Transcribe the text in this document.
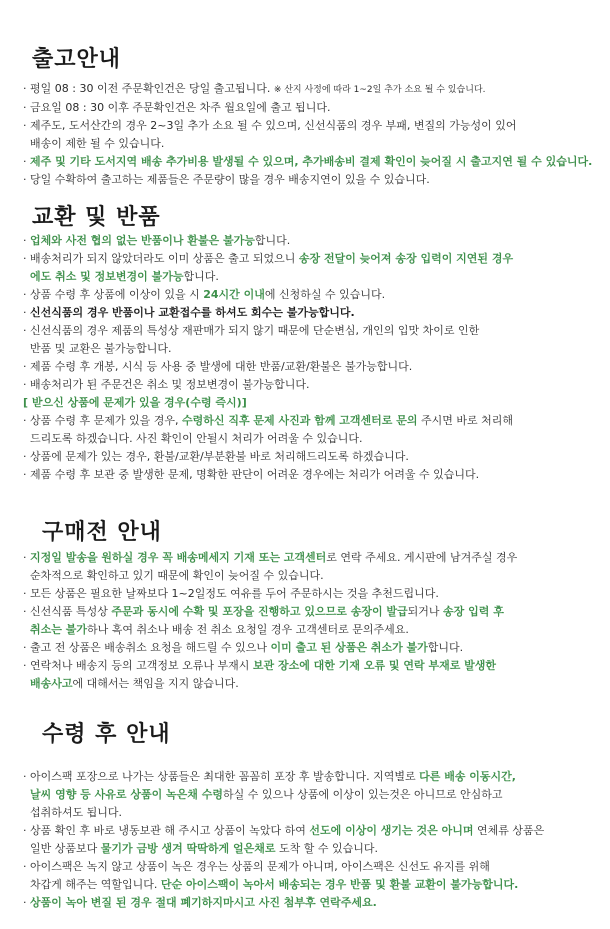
출고안내
· 평일 08 : 30 이전 주문확인건은 당일 출고됩니다. ※ 산지 사정에 따라 1~2일 추가 소요 될 수 있습니다.
· 금요일 08 : 30 이후 주문확인건은 차주 월요일에 출고 됩니다.
· 제주도, 도서산간의 경우 2~3일 추가 소요 될 수 있으며, 신선식품의 경우 부패, 변질의 가능성이 있어
배송이 제한 될 수 있습니다.
· 제주 및 기타 도서지역 배송 추가비용 발생될 수 있으며, 추가배송비 결제 확인이 늦어질 시 출고지연 될 수 있습니다.
· 당일 수확하여 출고하는 제품들은 주문량이 많을 경우 배송지연이 있을 수 있습니다.
교환 및 반품
· 업체와 사전 협의 없는 반품이나 환불은 불가능합니다.
· 배송처리가 되지 않았더라도 이미 상품은 출고 되었으니 송장 전달이 늦어져 송장 입력이 지연된 경우
에도 취소 및 정보변경이 불가능합니다.
· 상품 수령 후 상품에 이상이 있을 시 24시간 이내에 신청하실 수 있습니다.
· 신선식품의 경우 반품이나 교환접수를 하셔도 회수는 불가능합니다.
· 신선식품의 경우 제품의 특성상 재판매가 되지 않기 때문에 단순변심, 개인의 입맛 차이로 인한
반품 및 교환은 불가능합니다.
· 제품 수령 후 개봉, 시식 등 사용 중 발생에 대한 반품/교환/환불은 불가능합니다.
· 배송처리가 된 주문건은 취소 및 정보변경이 불가능합니다.
[ 받으신 상품에 문제가 있을 경우(수령 즉시)]
· 상품 수령 후 문제가 있을 경우, 수령하신 직후 문제 사진과 함께 고객센터로 문의 주시면 바로 처리해
드리도록 하겠습니다. 사진 확인이 안될시 처리가 어려울 수 있습니다.
· 상품에 문제가 있는 경우, 환불/교환/부분환불 바로 처리해드리도록 하겠습니다.
· 제품 수령 후 보관 중 발생한 문제, 명확한 판단이 어려운 경우에는 처리가 어려울 수 있습니다.
구매전 안내
· 지정일 발송을 원하실 경우 꼭 배송메세지 기재 또는 고객센터로 연락 주세요. 게시판에 남겨주실 경우
순차적으로 확인하고 있기 때문에 확인이 늦어질 수 있습니다.
· 모든 상품은 필요한 날짜보다 1~2일정도 여유를 두어 주문하시는 것을 추천드립니다.
· 신선식품 특성상 주문과 동시에 수확 및 포장을 진행하고 있으므로 송장이 발급되거나 송장 입력 후
취소는 불가하나 혹여 취소나 배송 전 취소 요청일 경우 고객센터로 문의주세요.
· 출고 전 상품은 배송취소 요청을 해드릴 수 있으나 이미 출고 된 상품은 취소가 불가합니다.
· 연락처나 배송지 등의 고객정보 오류나 부재시 보관 장소에 대한 기재 오류 및 연락 부재로 발생한
배송사고에 대해서는 책임을 지지 않습니다.
수령 후 안내
· 아이스팩 포장으로 나가는 상품들은 최대한 꼼꼼히 포장 후 발송합니다. 지역별로 다른 배송 이동시간,
날씨 영향 등 사유로 상품이 녹은채 수령하실 수 있으나 상품에 이상이 있는것은 아니므로 안심하고
섭취하셔도 됩니다.
· 상품 확인 후 바로 냉동보관 해 주시고 상품이 녹았다 하여 선도에 이상이 생기는 것은 아니며 연체류 상품은
일반 상품보다 물기가 금방 생겨 딱딱하게 얼은채로 도착 할 수 있습니다.
· 아이스팩은 녹지 않고 상품이 녹은 경우는 상품의 문제가 아니며, 아이스팩은 신선도 유지를 위해
차갑게 해주는 역할입니다. 단순 아이스팩이 녹아서 배송되는 경우 반품 및 환불 교환이 불가능합니다.
· 상품이 녹아 변질 된 경우 절대 폐기하지마시고 사진 첨부후 연락주세요.
